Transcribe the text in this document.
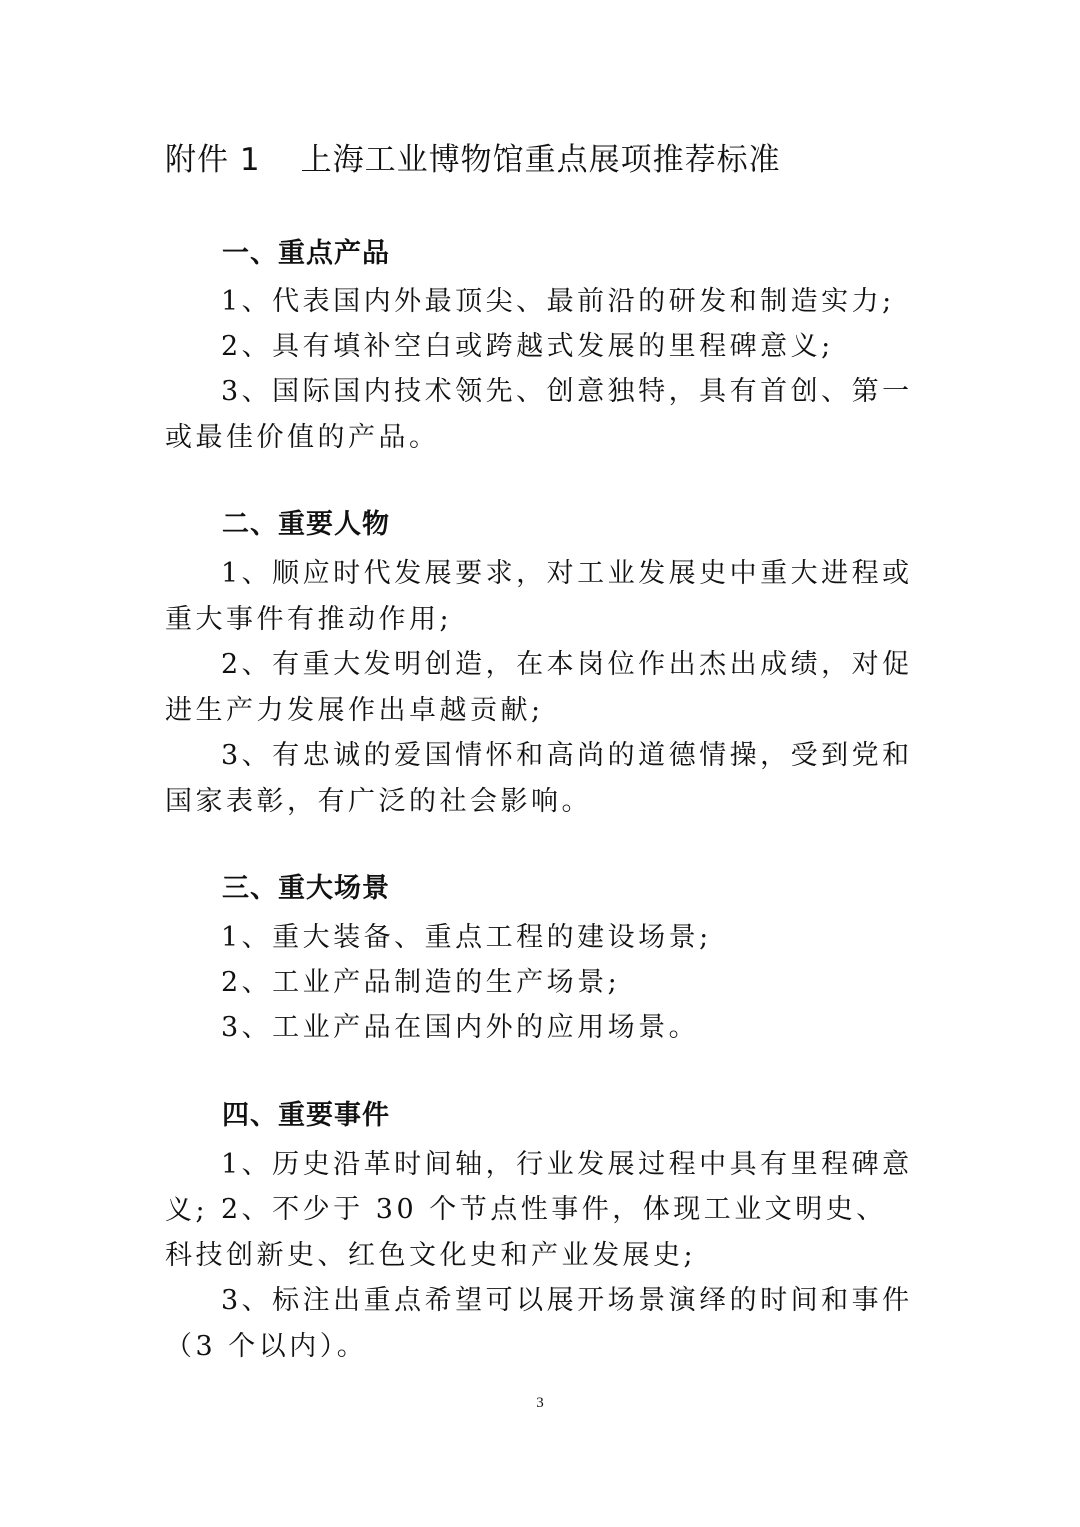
附件 1 上海工业博物馆重点展项推荐标准
一、重点产品
1、代表国内外最顶尖、最前沿的研发和制造实力;
2、具有填补空白或跨越式发展的里程碑意义;
3、国际国内技术领先、创意独特，具有首创、第一或最佳价值的产品。
二、重要人物
1、顺应时代发展要求，对工业发展史中重大进程或重大事件有推动作用;
2、有重大发明创造，在本岗位作出杰出成绩，对促进生产力发展作出卓越贡献;
3、有忠诚的爱国情怀和高尚的道德情操，受到党和国家表彰，有广泛的社会影响。
三、重大场景
1、重大装备、重点工程的建设场景;
2、工业产品制造的生产场景;
3、工业产品在国内外的应用场景。
四、重要事件
1、历史沿革时间轴，行业发展过程中具有里程碑意义; 2、不少于 30 个节点性事件，体现工业文明史、科技创新史、红色文化史和产业发展史;
3、标注出重点希望可以展开场景演绎的时间和事件（3 个以内）。
3
